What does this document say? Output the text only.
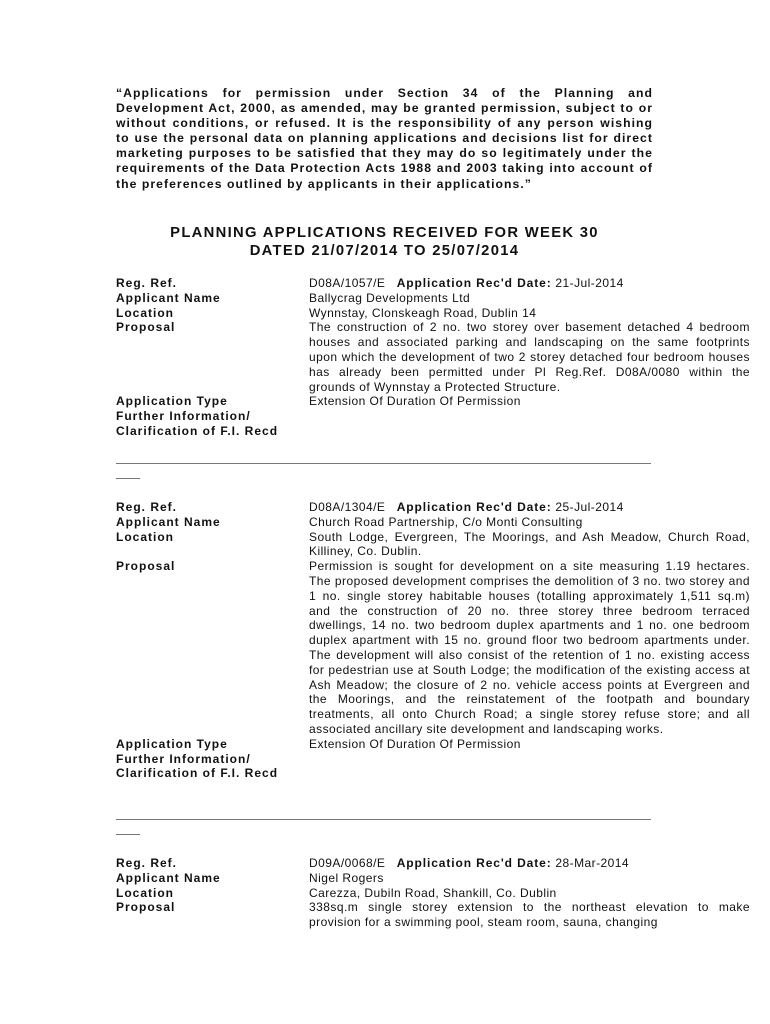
“Applications for permission under Section 34 of the Planning and Development Act, 2000, as amended, may be granted permission, subject to or without conditions, or refused. It is the responsibility of any person wishing to use the personal data on planning applications and decisions list for direct marketing purposes to be satisfied that they may do so legitimately under the requirements of the Data Protection Acts 1988 and 2003 taking into account of the preferences outlined by applicants in their applications.”
PLANNING APPLICATIONS RECEIVED FOR WEEK 30
DATED 21/07/2014 TO 25/07/2014
Reg. Ref.	D08A/1057/E Application Rec'd Date: 21-Jul-2014
Applicant Name	Ballycrag Developments Ltd
Location	Wynnstay, Clonskeagh Road, Dublin 14
Proposal	The construction of 2 no. two storey over basement detached 4 bedroom houses and associated parking and landscaping on the same footprints upon which the development of two 2 storey detached four bedroom houses has already been permitted under Pl Reg.Ref. D08A/0080 within the grounds of Wynnstay a Protected Structure.
Application Type	Extension Of Duration Of Permission
Further Information/
Clarification of F.I. Recd
Reg. Ref.	D08A/1304/E Application Rec'd Date: 25-Jul-2014
Applicant Name	Church Road Partnership, C/o Monti Consulting
Location	South Lodge, Evergreen, The Moorings, and Ash Meadow, Church Road, Killiney, Co. Dublin.
Proposal	Permission is sought for development on a site measuring 1.19 hectares. The proposed development comprises the demolition of 3 no. two storey and 1 no. single storey habitable houses (totalling approximately 1,511 sq.m) and the construction of 20 no. three storey three bedroom terraced dwellings, 14 no. two bedroom duplex apartments and 1 no. one bedroom duplex apartment with 15 no. ground floor two bedroom apartments under. The development will also consist of the retention of 1 no. existing access for pedestrian use at South Lodge; the modification of the existing access at Ash Meadow; the closure of 2 no. vehicle access points at Evergreen and the Moorings, and the reinstatement of the footpath and boundary treatments, all onto Church Road; a single storey refuse store; and all associated ancillary site development and landscaping works.
Application Type	Extension Of Duration Of Permission
Further Information/
Clarification of F.I. Recd
Reg. Ref.	D09A/0068/E Application Rec'd Date: 28-Mar-2014
Applicant Name	Nigel Rogers
Location	Carezza, Dubiln Road, Shankill, Co. Dublin
Proposal	338sq.m single storey extension to the northeast elevation to make provision for a swimming pool, steam room, sauna, changing
